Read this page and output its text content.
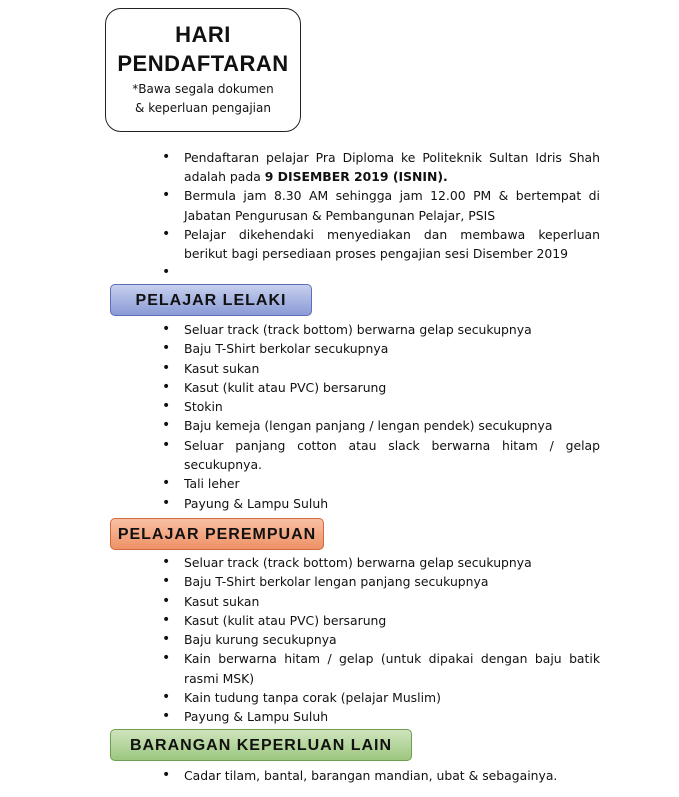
HARI
PENDAFTARAN
*Bawa segala dokumen
& keperluan pengajian
• Pendaftaran pelajar Pra Diploma ke Politeknik Sultan Idris Shah adalah pada 9 DISEMBER 2019 (ISNIN).
• Bermula jam 8.30 AM sehingga jam 12.00 PM & bertempat di Jabatan Pengurusan & Pembangunan Pelajar, PSIS
• Pelajar dikehendaki menyediakan dan membawa keperluan berikut bagi persediaan proses pengajian sesi Disember 2019
•
PELAJAR LELAKI
• Seluar track (track bottom) berwarna gelap secukupnya
• Baju T-Shirt berkolar secukupnya
• Kasut sukan
• Kasut (kulit atau PVC) bersarung
• Stokin
• Baju kemeja (lengan panjang / lengan pendek) secukupnya
• Seluar panjang cotton atau slack berwarna hitam / gelap secukupnya.
• Tali leher
• Payung & Lampu Suluh
PELAJAR PEREMPUAN
• Seluar track (track bottom) berwarna gelap secukupnya
• Baju T-Shirt berkolar lengan panjang secukupnya
• Kasut sukan
• Kasut (kulit atau PVC) bersarung
• Baju kurung secukupnya
• Kain berwarna hitam / gelap (untuk dipakai dengan baju batik rasmi MSK)
• Kain tudung tanpa corak (pelajar Muslim)
• Payung & Lampu Suluh
BARANGAN KEPERLUAN LAIN
• Cadar tilam, bantal, barangan mandian, ubat & sebagainya.
